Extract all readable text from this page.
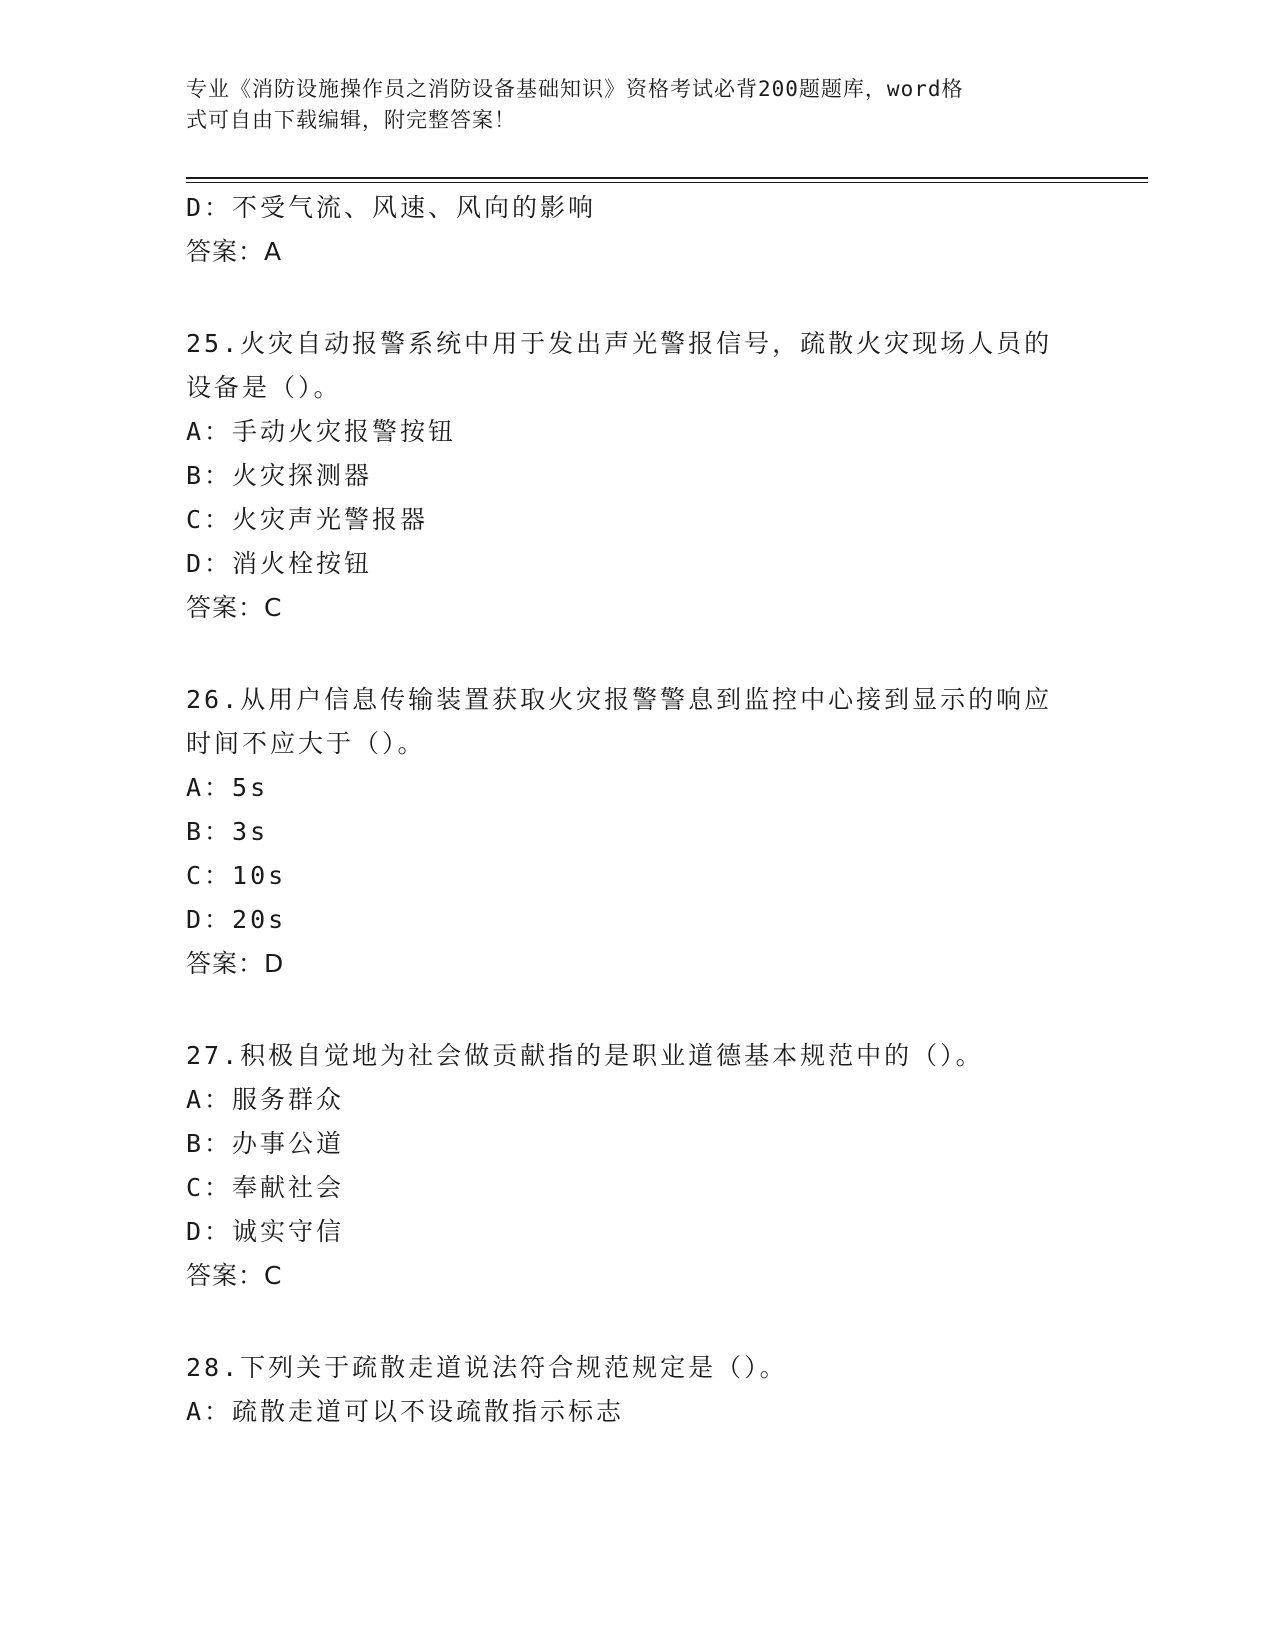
专业《消防设施操作员之消防设备基础知识》资格考试必背200题题库，word格
式可自由下载编辑，附完整答案！
D：不受气流、风速、风向的影响
答案：A
25.火灾自动报警系统中用于发出声光警报信号，疏散火灾现场人员的
设备是（）。
A：手动火灾报警按钮
B：火灾探测器
C：火灾声光警报器
D：消火栓按钮
答案：C
26.从用户信息传输装置获取火灾报警警息到监控中心接到显示的响应
时间不应大于（）。
A：5s
B：3s
C：10s
D：20s
答案：D
27.积极自觉地为社会做贡献指的是职业道德基本规范中的（）。
A：服务群众
B：办事公道
C：奉献社会
D：诚实守信
答案：C
28.下列关于疏散走道说法符合规范规定是（）。
A：疏散走道可以不设疏散指示标志
